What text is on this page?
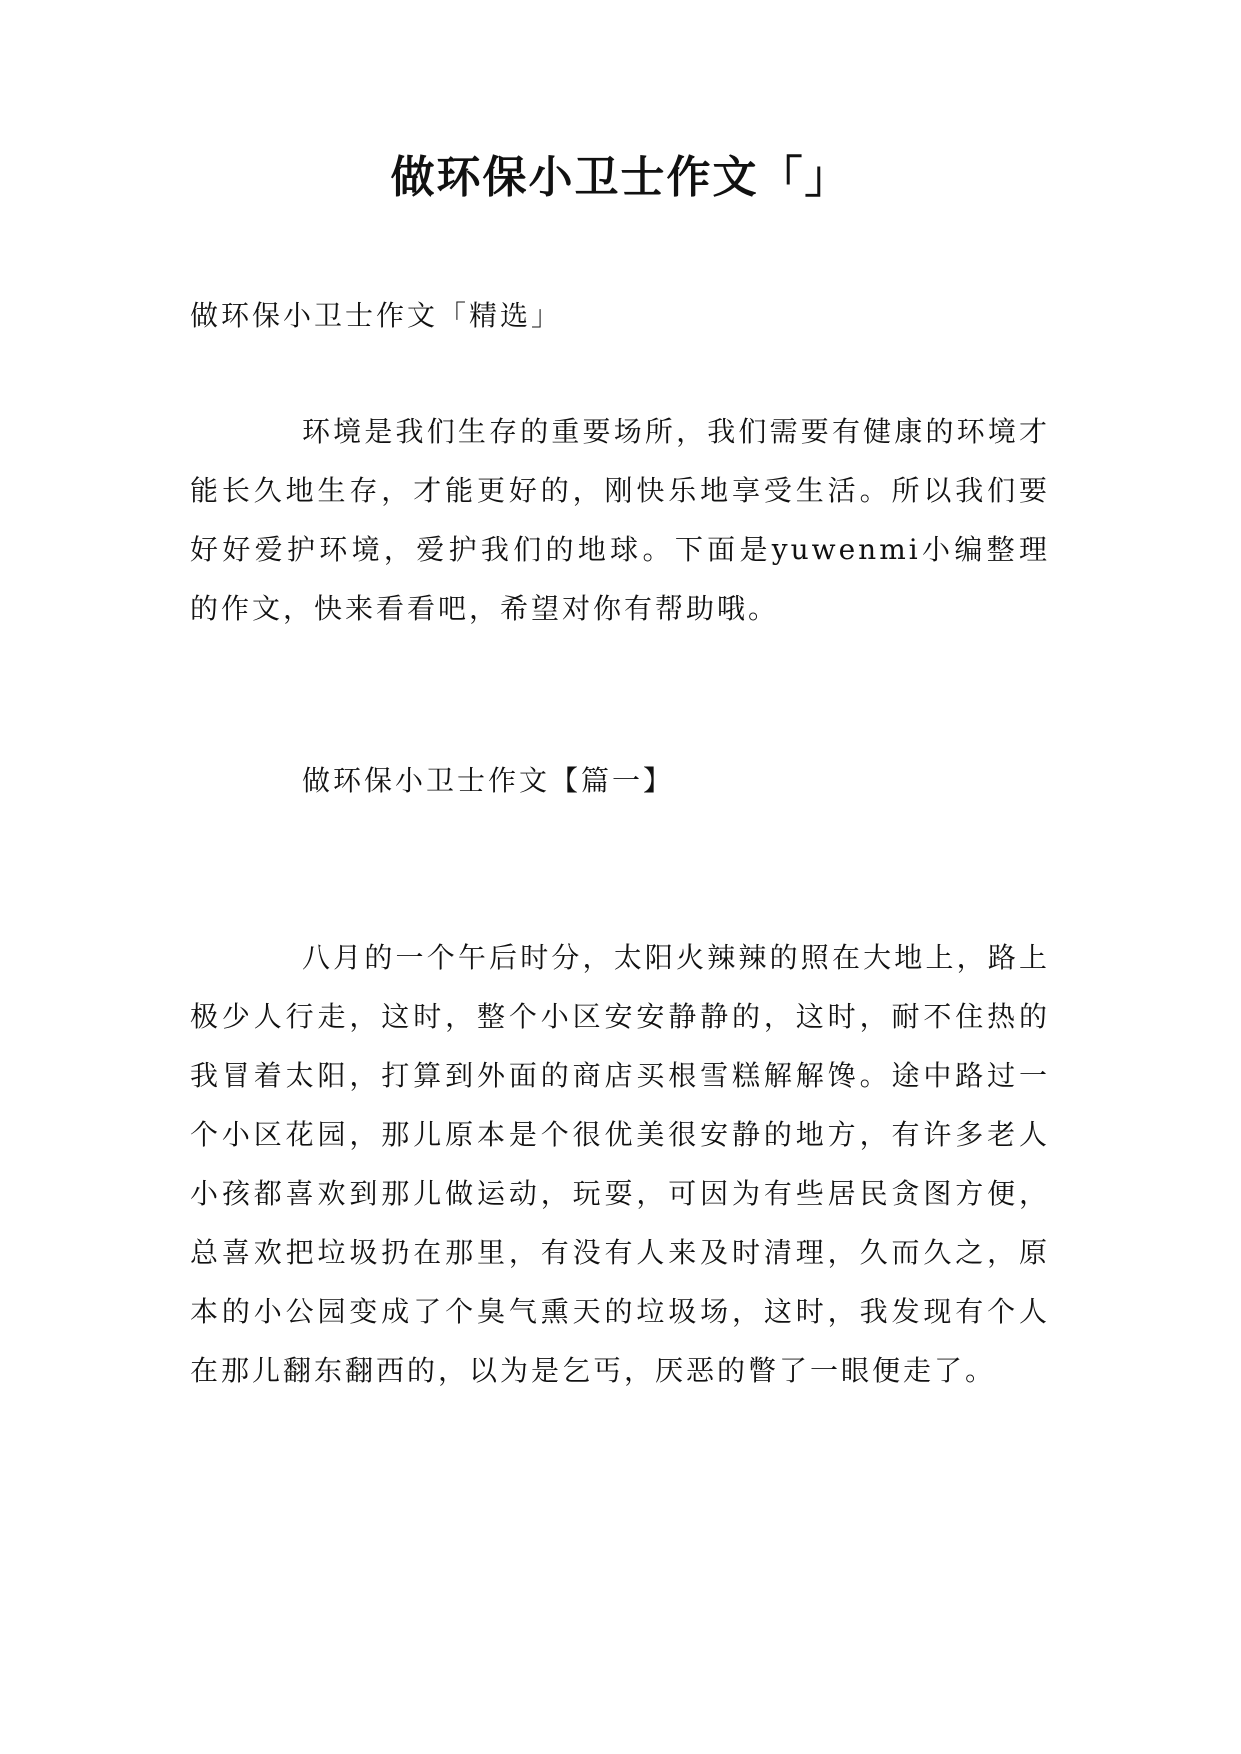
做环保小卫士作文「」
做环保小卫士作文「精选」

环境是我们生存的重要场所，我们需要有健康的环境才能长久地生存，才能更好的，刚快乐地享受生活。所以我们要好好爱护环境，爱护我们的地球。下面是yuwenmi小编整理的作文，快来看看吧，希望对你有帮助哦。

做环保小卫士作文【篇一】

八月的一个午后时分，太阳火辣辣的照在大地上，路上极少人行走，这时，整个小区安安静静的，这时，耐不住热的我冒着太阳，打算到外面的商店买根雪糕解解馋。途中路过一个小区花园，那儿原本是个很优美很安静的地方，有许多老人小孩都喜欢到那儿做运动，玩耍，可因为有些居民贪图方便，总喜欢把垃圾扔在那里，有没有人来及时清理，久而久之，原本的小公园变成了个臭气熏天的垃圾场，这时，我发现有个人在那儿翻东翻西的，以为是乞丐，厌恶的瞥了一眼便走了。
